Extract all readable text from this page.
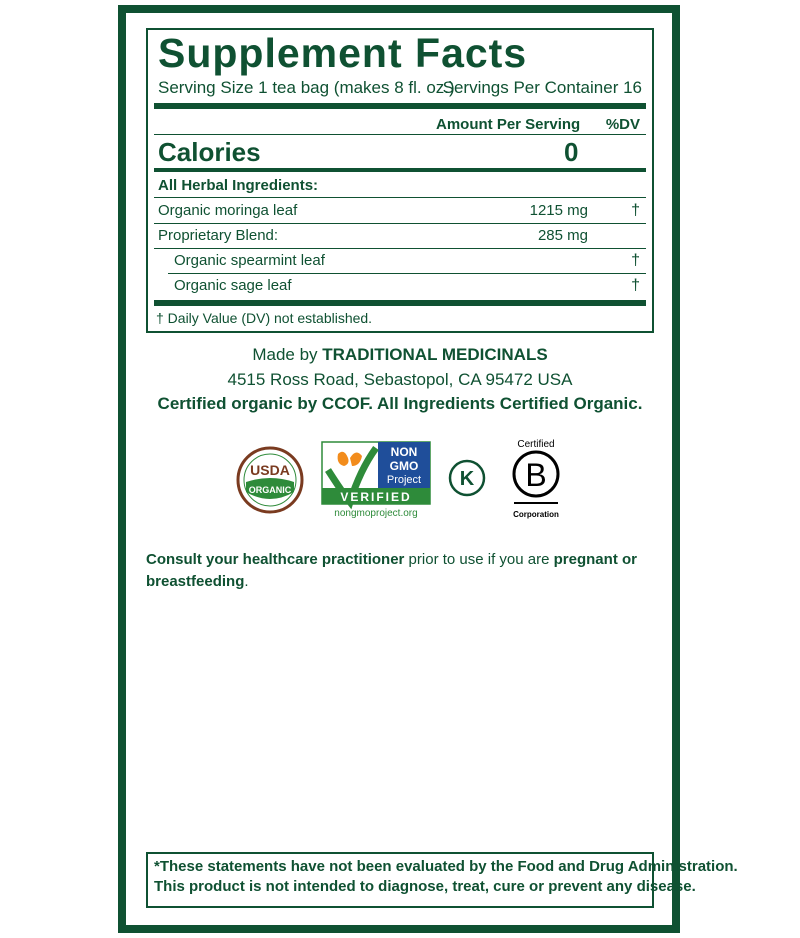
Supplement Facts
Serving Size 1 tea bag (makes 8 fl. oz.)
Servings Per Container 16
Amount Per Serving %DV
Calories	0
All Herbal Ingredients:
Organic moringa leaf	1215 mg	†
Proprietary Blend:	285 mg
Organic spearmint leaf	†
Organic sage leaf	†
† Daily Value (DV) not established.
Made by TRADITIONAL MEDICINALS
4515 Ross Road, Sebastopol, CA 95472 USA
Certified organic by CCOF. All Ingredients Certified Organic.
USDA
ORGANIC
NON
GMO
Project
VERIFIED
nongmoproject.org
K
Certified
B
Corporation
Consult your healthcare practitioner prior to use if you are pregnant or breastfeeding.
*These statements have not been evaluated by the Food and Drug Administration.
This product is not intended to diagnose, treat, cure or prevent any disease.
